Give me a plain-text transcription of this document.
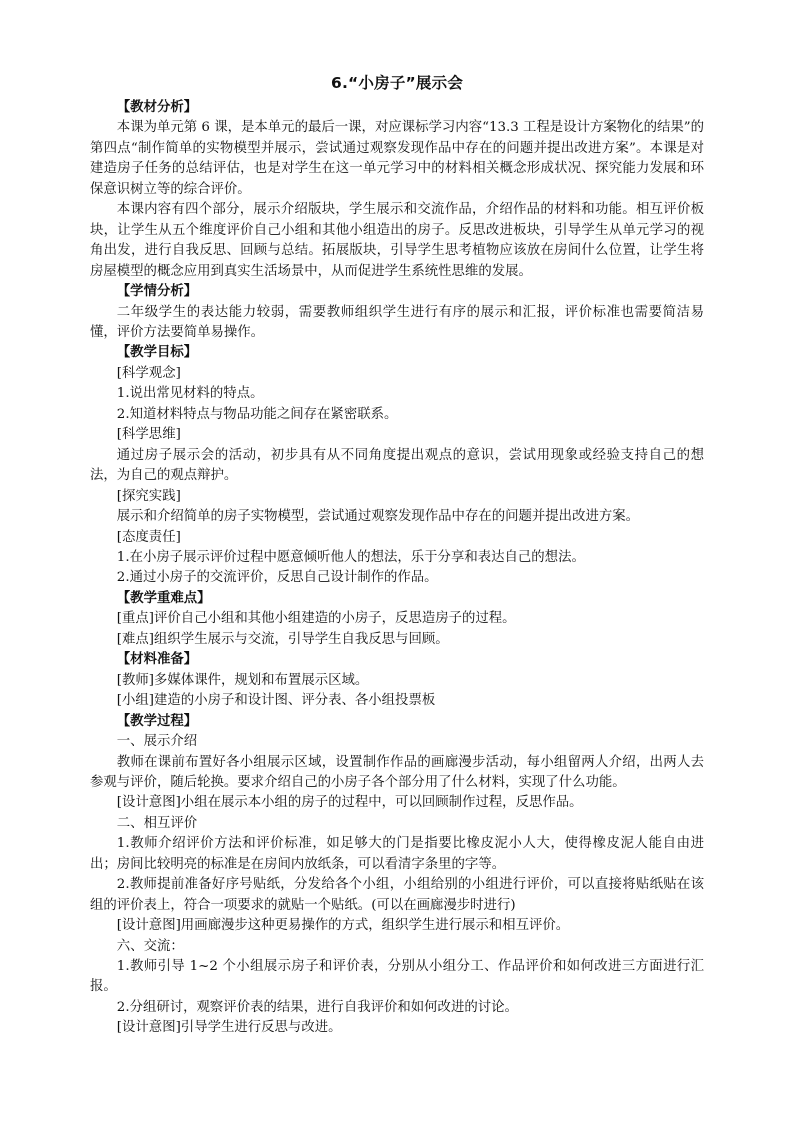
6.“小房子”展示会

【教材分析】

本课为单元第 6 课，是本单元的最后一课，对应课标学习内容“13.3 工程是设计方案物化的结果”的第四点“制作简单的实物模型并展示，尝试通过观察发现作品中存在的问题并提出改进方案”。本课是对建造房子任务的总结评估，也是对学生在这一单元学习中的材料相关概念形成状况、探究能力发展和环保意识树立等的综合评价。

本课内容有四个部分，展示介绍版块，学生展示和交流作品，介绍作品的材料和功能。相互评价板块，让学生从五个维度评价自己小组和其他小组造出的房子。反思改进板块，引导学生从单元学习的视角出发，进行自我反思、回顾与总结。拓展版块，引导学生思考植物应该放在房间什么位置，让学生将房屋模型的概念应用到真实生活场景中，从而促进学生系统性思维的发展。

【学情分析】

二年级学生的表达能力较弱，需要教师组织学生进行有序的展示和汇报，评价标准也需要简洁易懂，评价方法要简单易操作。

【教学目标】

[科学观念]

1.说出常见材料的特点。

2.知道材料特点与物品功能之间存在紧密联系。

[科学思维]

通过房子展示会的活动，初步具有从不同角度提出观点的意识，尝试用现象或经验支持自己的想法，为自己的观点辩护。

[探究实践]

展示和介绍简单的房子实物模型，尝试通过观察发现作品中存在的问题并提出改进方案。

[态度责任]

1.在小房子展示评价过程中愿意倾听他人的想法，乐于分享和表达自己的想法。

2.通过小房子的交流评价，反思自己设计制作的作品。

【教学重难点】

[重点]评价自己小组和其他小组建造的小房子，反思造房子的过程。

[难点]组织学生展示与交流，引导学生自我反思与回顾。

【材料准备】

[教师]多媒体课件，规划和布置展示区域。

[小组]建造的小房子和设计图、评分表、各小组投票板

【教学过程】

一、展示介绍

教师在课前布置好各小组展示区域，设置制作作品的画廊漫步活动，每小组留两人介绍，出两人去参观与评价，随后轮换。要求介绍自己的小房子各个部分用了什么材料，实现了什么功能。

[设计意图]小组在展示本小组的房子的过程中，可以回顾制作过程，反思作品。

二、相互评价

1.教师介绍评价方法和评价标准，如足够大的门是指要比橡皮泥小人大，使得橡皮泥人能自由进出；房间比较明亮的标准是在房间内放纸条，可以看清字条里的字等。

2.教师提前准备好序号贴纸，分发给各个小组，小组给别的小组进行评价，可以直接将贴纸贴在该组的评价表上，符合一项要求的就贴一个贴纸。(可以在画廊漫步时进行)

[设计意图]用画廊漫步这种更易操作的方式，组织学生进行展示和相互评价。

六、交流：

1.教师引导 1~2 个小组展示房子和评价表，分别从小组分工、作品评价和如何改进三方面进行汇报。

2.分组研讨，观察评价表的结果，进行自我评价和如何改进的讨论。

[设计意图]引导学生进行反思与改进。
